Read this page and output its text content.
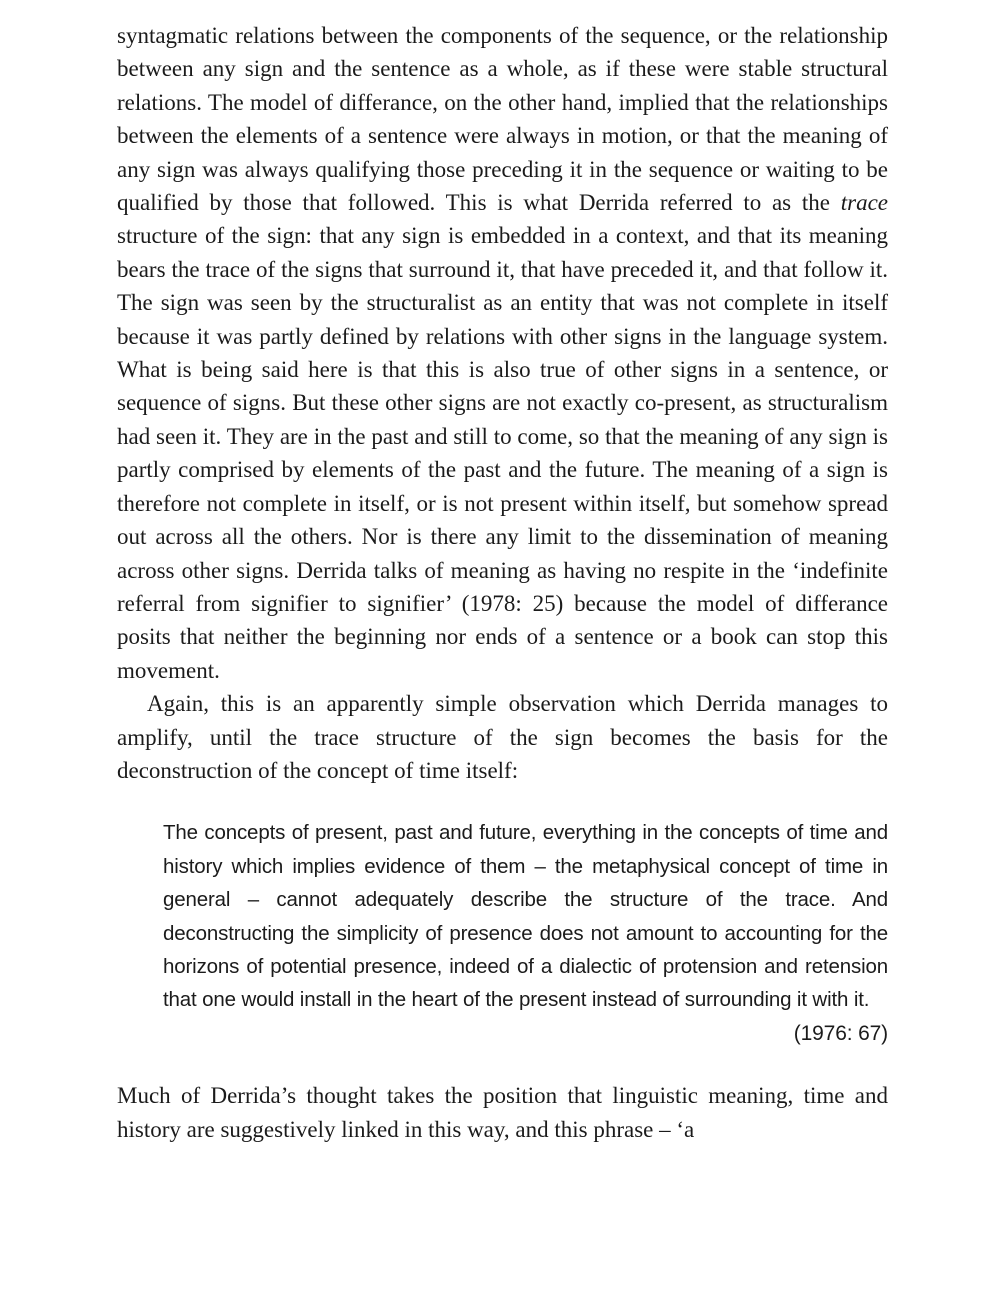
syntagmatic relations between the components of the sequence, or the relationship between any sign and the sentence as a whole, as if these were stable structural relations. The model of differance, on the other hand, implied that the relationships between the elements of a sentence were always in motion, or that the meaning of any sign was always qualifying those preceding it in the sequence or waiting to be qualified by those that followed. This is what Derrida referred to as the trace structure of the sign: that any sign is embedded in a context, and that its meaning bears the trace of the signs that surround it, that have preceded it, and that follow it. The sign was seen by the structuralist as an entity that was not complete in itself because it was partly defined by relations with other signs in the language system. What is being said here is that this is also true of other signs in a sentence, or sequence of signs. But these other signs are not exactly co-present, as structuralism had seen it. They are in the past and still to come, so that the meaning of any sign is partly comprised by elements of the past and the future. The meaning of a sign is therefore not complete in itself, or is not present within itself, but somehow spread out across all the others. Nor is there any limit to the dissemination of meaning across other signs. Derrida talks of meaning as having no respite in the ‘indefinite referral from signifier to signifier’ (1978: 25) because the model of differance posits that neither the beginning nor ends of a sentence or a book can stop this movement.

Again, this is an apparently simple observation which Derrida manages to amplify, until the trace structure of the sign becomes the basis for the deconstruction of the concept of time itself:

The concepts of present, past and future, everything in the concepts of time and history which implies evidence of them – the metaphysical concept of time in general – cannot adequately describe the structure of the trace. And deconstructing the simplicity of presence does not amount to accounting for the horizons of potential presence, indeed of a dialectic of protension and retension that one would install in the heart of the present instead of surrounding it with it.

(1976: 67)

Much of Derrida’s thought takes the position that linguistic meaning, time and history are suggestively linked in this way, and this phrase – ‘a
